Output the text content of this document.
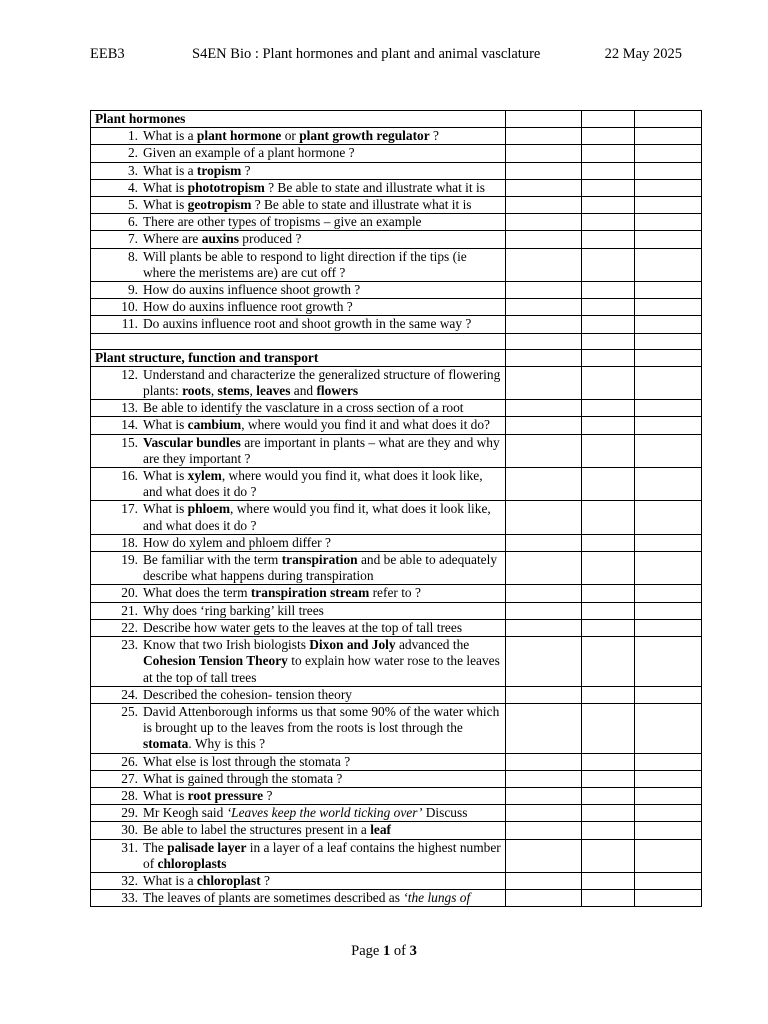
EEB3	S4EN Bio : Plant hormones and plant and animal vasclature	22 May 2025
Plant hormones			

1. What is a plant hormone or plant growth regulator ?			

2. Given an example of a plant hormone ?			

3. What is a tropism ?			

4. What is phototropism ? Be able to state and illustrate what it is			

5. What is geotropism ? Be able to state and illustrate what it is			

6. There are other types of tropisms – give an example			

7. Where are auxins produced ?			

8. Will plants be able to respond to light direction if the tips (ie where the meristems are) are cut off ?			

9. How do auxins influence shoot growth ?			

10. How do auxins influence root growth ?			

11. Do auxins influence root and shoot growth in the same way ?			

Plant structure, function and transport			

12. Understand and characterize the generalized structure of flowering plants: roots, stems, leaves and flowers			

13. Be able to identify the vasclature in a cross section of a root			

14. What is cambium, where would you find it and what does it do?			

15. Vascular bundles are important in plants – what are they and why are they important ?			

16. What is xylem, where would you find it, what does it look like, and what does it do ?			

17. What is phloem, where would you find it, what does it look like, and what does it do ?			

18. How do xylem and phloem differ ?			

19. Be familiar with the term transpiration and be able to adequately describe what happens during transpiration			

20. What does the term transpiration stream refer to ?			

21. Why does ‘ring barking’ kill trees			

22. Describe how water gets to the leaves at the top of tall trees			

23. Know that two Irish biologists Dixon and Joly advanced the Cohesion Tension Theory to explain how water rose to the leaves at the top of tall trees			

24. Described the cohesion- tension theory			

25. David Attenborough informs us that some 90% of the water which is brought up to the leaves from the roots is lost through the stomata. Why is this ?			

26. What else is lost through the stomata ?			

27. What is gained through the stomata ?			

28. What is root pressure ?			

29. Mr Keogh said ‘Leaves keep the world ticking over’ Discuss			

30. Be able to label the structures present in a leaf			

31. The palisade layer in a layer of a leaf contains the highest number of chloroplasts			

32. What is a chloroplast ?			

33. The leaves of plants are sometimes described as ‘the lungs of			

Page 1 of 3
